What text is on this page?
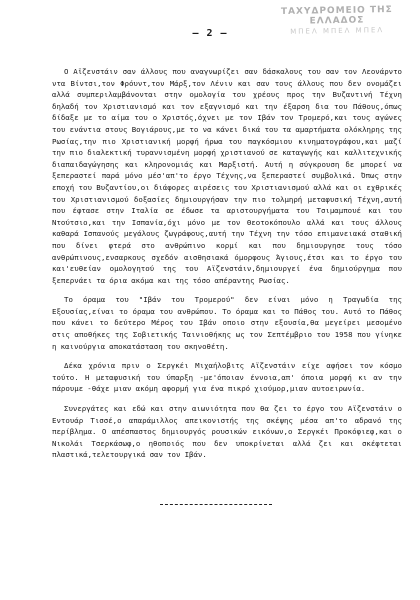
ΤΑΧΥΔΡΟΜΕΙΟ ΤΗΣ ΕΛΛΑΔΟΣ
ΜΠΕΛ ΜΠΕΛ ΜΠΕΛ
— 2 —

Ο Αϊζενστάιν σαν άλλους που αναγνωρίζει σαν δάσκαλους του σαν τον Λεονάρντο ντα Βίντσι,τον Φρόυντ,τον Μάρξ,τον Λένιν και σαν τους άλλους που δεν ονομάζει αλλά συμπεριλαμβάνονται στην ομολογία του χρέους προς την Βυζαντινή Τέχνη δηλαδή τον Χριστιανισμό και τον εξαγνισμό και την έξαρση δια του Πάθους,όπως δίδαξε με το αίμα του ο Χριστός,όχνει με τον Ιβάν τον Τρομερό,και τους αγώνες του ενάντια στους Βογιάρους,με το να κάνει δικά του τα αμαρτήματα ολόκληρης της Ρωσίας,την πιο Χριστιανική μορφή ήρωα του παγκόσμιου κινηματογράφου,και μαζί την πιο διαλεκτική τυραννισμένη μορφή χριστιανού σε καταγωγής και καλλιτεχνικής διαπαιδαγώγησης και κληρονομιάς και Μαρξιστή. Αυτή η σύγκρουση δε μπορεί να ξεπεραστεί παρά μόνο μέσ'απ'το έργο Τέχνης,να ξεπεραστεί συμβολικά. Όπως στην εποχή του Βυζαντίου,οι διάφορες αιρέσεις του Χριστιανισμού αλλά και οι εχθρικές του Χριστιανισμού δοξασίες δημιουργήσαν την πιο τολμηρή μεταφυσική Τέχνη,αυτή που έφτασε στην Ιταλία σε έδωσε τα αριστουργήματα του Τσιμαμπουέ και του Ντούτσιο,και την Ισπανία,όχι μόνο με τον Θεοτοκόπουλο αλλά και τους άλλους καθαρά Ισπανούς μεγάλους ζωγράφους,αυτή την Τέχνη την τόσο επιμανειακά σταθική που δίνει φτερά στο ανθρώπινο κορμί και που δημιουργησε τους τόσο ανθρώπινους,ενσαρκους σχεδόν αισθησιακά όμορφους Άγιους,έτσι και το έργο του και'ευθείαν ομολογητού της του Αϊζενστάιν,δημιουργεί ένα δημιούργημα που ξεπερνάει τα όρια ακόμα και της τόσο απέραντης Ρωσίας.

Το όραμα του "Ιβάν του Τρομερού" δεν είναι μόνο η Τραγωδία της Εξουσίας,είναι το όραμα του ανθρώπου. Το όραμα και το Πάθος του. Αυτό το Πάθος που κάνει το δεύτερο Μέρος του Ιβάν οποιο στην εξουσία,θα μεγείρει μεσομένο στις αποθήκες της Σοβιετικής Ταινιοθήκης ως τον Σεπτέμβριο του 1958 που γίνηκε η καινούργια αποκατάσταση του σκηνοθέτη.

Δέκα χρόνια πριν ο Σεργκέι Μιχαήλοβιτς Αϊζενστάιν είχε αφήσει τον κόσμο τούτο. Η μεταφυσική του ύπαρξη -με'όποιαν έννοια,απ' όποια μορφή κι αν την πάρουμε -θάχε μιαν ακόμη αφορμή για ένα πικρό χιούμορ,μιαν αυτοειρωνία.

Συνεργάτες και εδώ και στην αιωνιότητα που θα ζει το έργο του Αϊζενστάιν ο Εντουάρ Τισσέ,ο απαράμιλλος απεικονιστής της σκέψης μέσα απ'το αδρανό της περίβλημα. Ο απέσπαστος δημιουργός ρουσικών εικόνων,ο Σεργκέι Προκόφιεφ,και ο Νικολάι Τσερκάσωφ,ο ηθοποιός που δεν υποκρίνεται αλλά ζει και σκέφτεται πλαστικά,τελετουργικά σαν τον Ιβάν.
